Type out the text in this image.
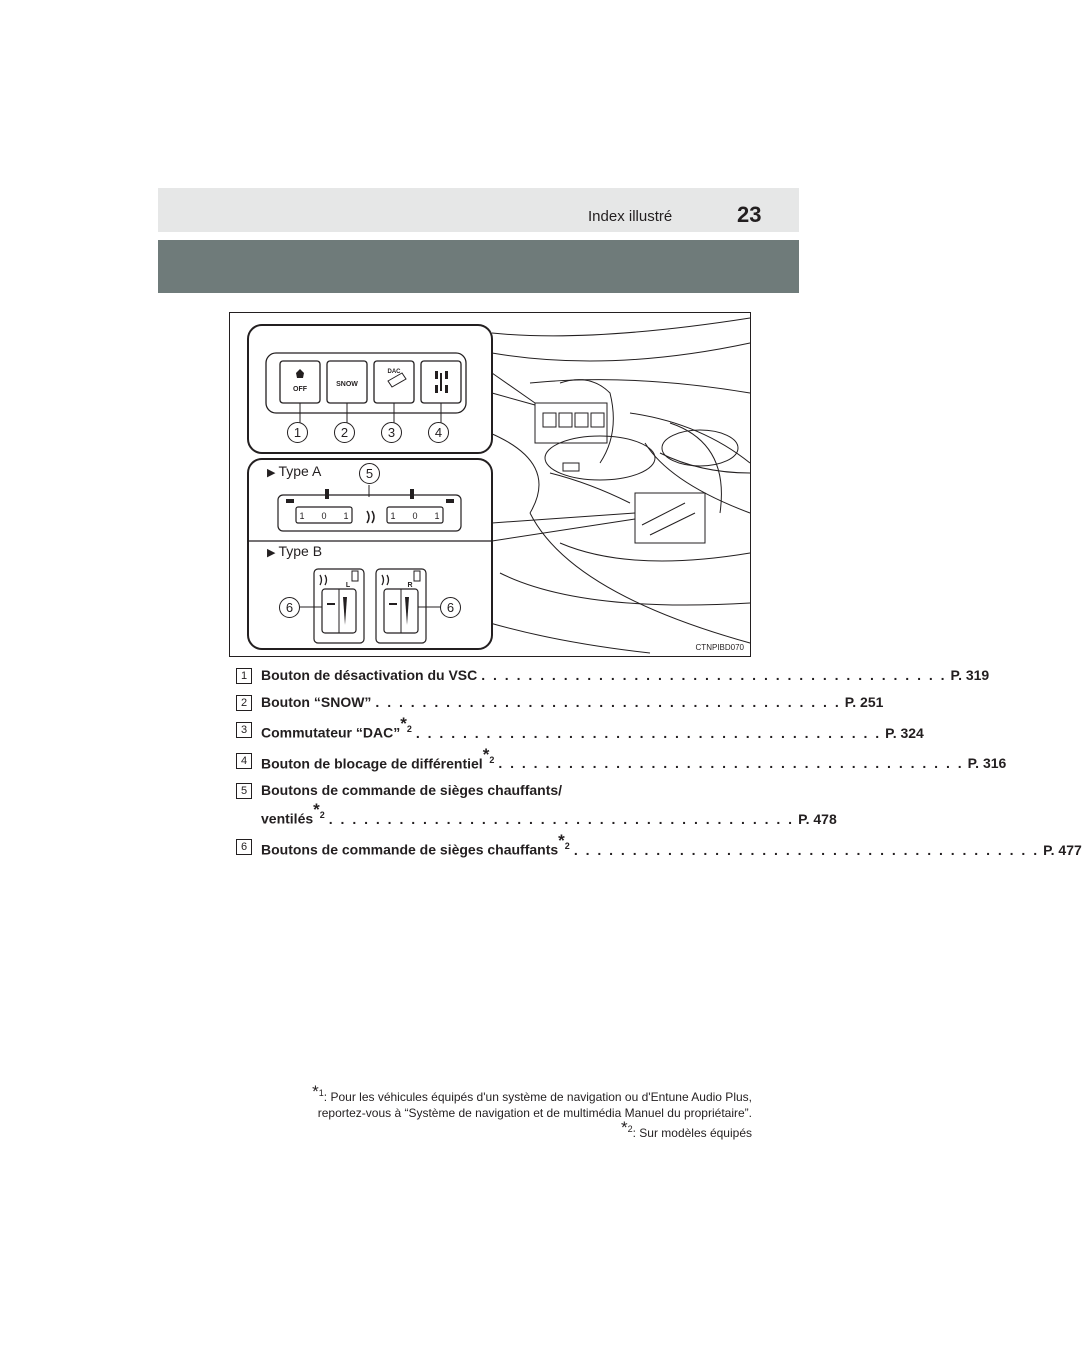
Index illustré	23
OFF
SNOW
DAC
1 0 1	1 0 1
L	R
1	2	3	4
5
6	6
▶ Type A
▶ Type B
CTNPIBD070
1 Bouton de désactivation du VSC . . . . . . . . . . . . . . . . . . . . . . . . . . . . . . . . . . . . . . . . P. 319
2 Bouton “SNOW” . . . . . . . . . . . . . . . . . . . . . . . . . . . . . . . . . . . . . . . . P. 251
3 Commutateur “DAC”*$^2$ . . . . . . . . . . . . . . . . . . . . . . . . . . . . . . . . . . . . . . . . P. 324
4 Bouton de blocage de différentiel*$^2$ . . . . . . . . . . . . . . . . . . . . . . . . . . . . . . . . . . . . . . . . P. 316
5 Boutons de commande de sièges chauffants/
ventilés*$^2$ . . . . . . . . . . . . . . . . . . . . . . . . . . . . . . . . . . . . . . . . P. 478
6 Boutons de commande de sièges chauffants*$^2$ . . . . . . . . . . . . . . . . . . . . . . . . . . . . . . . . . . . . . . . . P. 477
*$^1$: Pour les véhicules équipés d'un système de navigation ou d'Entune Audio Plus,
reportez-vous à “Système de navigation et de multimédia Manuel du propriétaire”.
*$^2$: Sur modèles équipés
